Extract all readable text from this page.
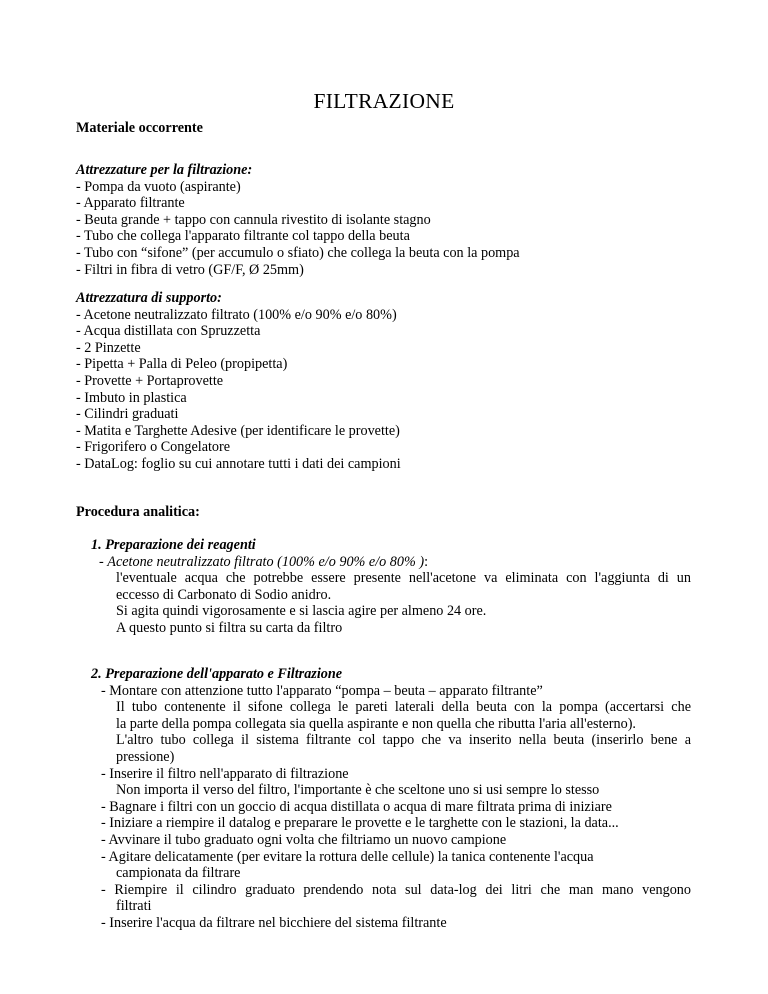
FILTRAZIONE
Materiale occorrente
Attrezzature per la filtrazione:
- Pompa da vuoto (aspirante)
- Apparato filtrante
- Beuta grande + tappo con cannula rivestito di isolante stagno
- Tubo che collega l'apparato filtrante col tappo della beuta
- Tubo con “sifone” (per accumulo o sfiato) che collega la beuta con la pompa
- Filtri in fibra di vetro (GF/F, Ø 25mm)
Attrezzatura di supporto:
- Acetone neutralizzato filtrato (100% e/o 90% e/o 80%)
- Acqua distillata con Spruzzetta
- 2 Pinzette
- Pipetta + Palla di Peleo (propipetta)
- Provette + Portaprovette
- Imbuto in plastica
- Cilindri graduati
- Matita e Targhette Adesive (per identificare le provette)
- Frigorifero o Congelatore
- DataLog: foglio su cui annotare tutti i dati dei campioni
Procedura analitica:
1. Preparazione dei reagenti
- Acetone neutralizzato filtrato (100% e/o 90% e/o 80% ):
l'eventuale acqua che potrebbe essere presente nell'acetone va eliminata con l'aggiunta di un
eccesso di Carbonato di Sodio anidro.
Si agita quindi vigorosamente e si lascia agire per almeno 24 ore.
A questo punto si filtra su carta da filtro
2. Preparazione dell'apparato e Filtrazione
- Montare con attenzione tutto l'apparato “pompa – beuta – apparato filtrante”
Il tubo contenente il sifone collega le pareti laterali della beuta con la pompa (accertarsi che
la parte della pompa collegata sia quella aspirante e non quella che ributta l'aria all'esterno).
L'altro tubo collega il sistema filtrante col tappo che va inserito nella beuta (inserirlo bene a
pressione)
- Inserire il filtro nell'apparato di filtrazione
Non importa il verso del filtro, l'importante è che sceltone uno si usi sempre lo stesso
- Bagnare i filtri con un goccio di acqua distillata o acqua di mare filtrata prima di iniziare
- Iniziare a riempire il datalog e preparare le provette e le targhette con le stazioni, la data...
- Avvinare il tubo graduato ogni volta che filtriamo un nuovo campione
- Agitare delicatamente (per evitare la rottura delle cellule) la tanica contenente l'acqua
campionata da filtrare
- Riempire il cilindro graduato prendendo nota sul data-log dei litri che man mano vengono
filtrati
- Inserire l'acqua da filtrare nel bicchiere del sistema filtrante
